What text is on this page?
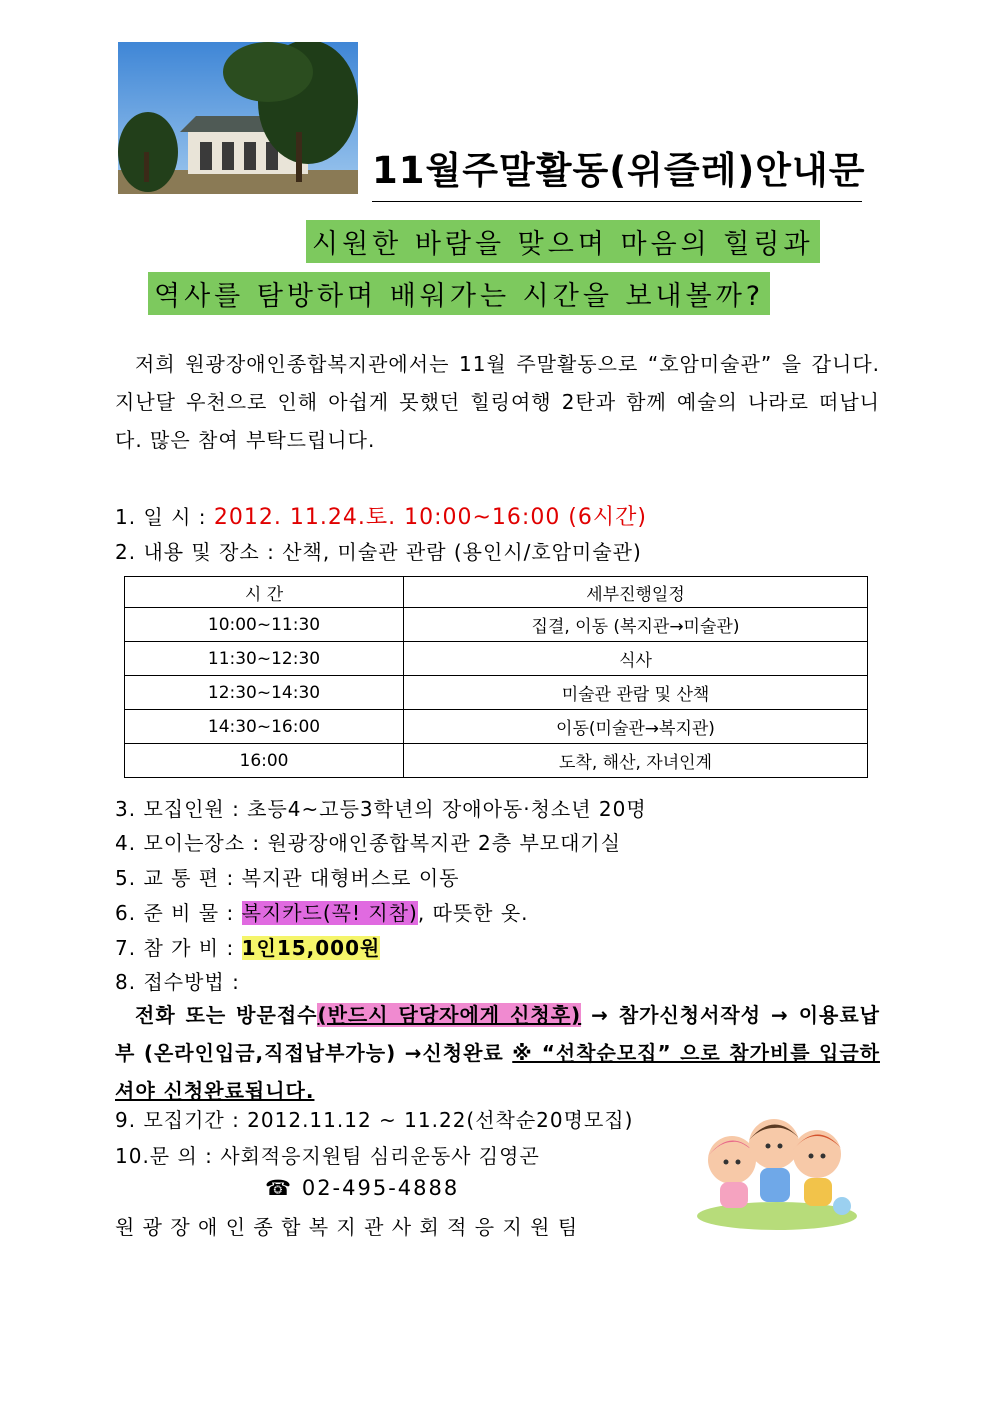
11월주말활동(위즐레)안내문
시원한 바람을 맞으며 마음의 힐링과
역사를 탐방하며 배워가는 시간을 보내볼까?
저희 원광장애인종합복지관에서는 11월 주말활동으로 “호암미술관” 을 갑니다. 지난달 우천으로 인해 아쉽게 못했던 힐링여행 2탄과 함께 예술의 나라로 떠납니다. 많은 참여 부탁드립니다.
1. 일 시 : 2012. 11.24.토. 10:00~16:00 (6시간)
2. 내용 및 장소 : 산책, 미술관 관람 (용인시/호암미술관)
시 간	세부진행일정
10:00~11:30	집결, 이동 (복지관→미술관)
11:30~12:30	식사
12:30~14:30	미술관 관람 및 산책
14:30~16:00	이동(미술관→복지관)
16:00	도착, 해산, 자녀인계
3. 모집인원 : 초등4~고등3학년의 장애아동·청소년 20명
4. 모이는장소 : 원광장애인종합복지관 2층 부모대기실
5. 교 통 편 : 복지관 대형버스로 이동
6. 준 비 물 : 복지카드(꼭! 지참), 따뜻한 옷.
7. 참 가 비 : 1인15,000원
8. 접수방법 :
전화 또는 방문접수(반드시 담당자에게 신청후) → 참가신청서작성 → 이용료납부 (온라인입금,직접납부가능) →신청완료 ※ “선착순모집” 으로 참가비를 입금하셔야 신청완료됩니다.
9. 모집기간 : 2012.11.12 ~ 11.22(선착순20명모집)
10.문 의 : 사회적응지원팀 심리운동사 김영곤
☎ 02-495-4888
원 광 장 애 인 종 합 복 지 관 사 회 적 응 지 원 팀
